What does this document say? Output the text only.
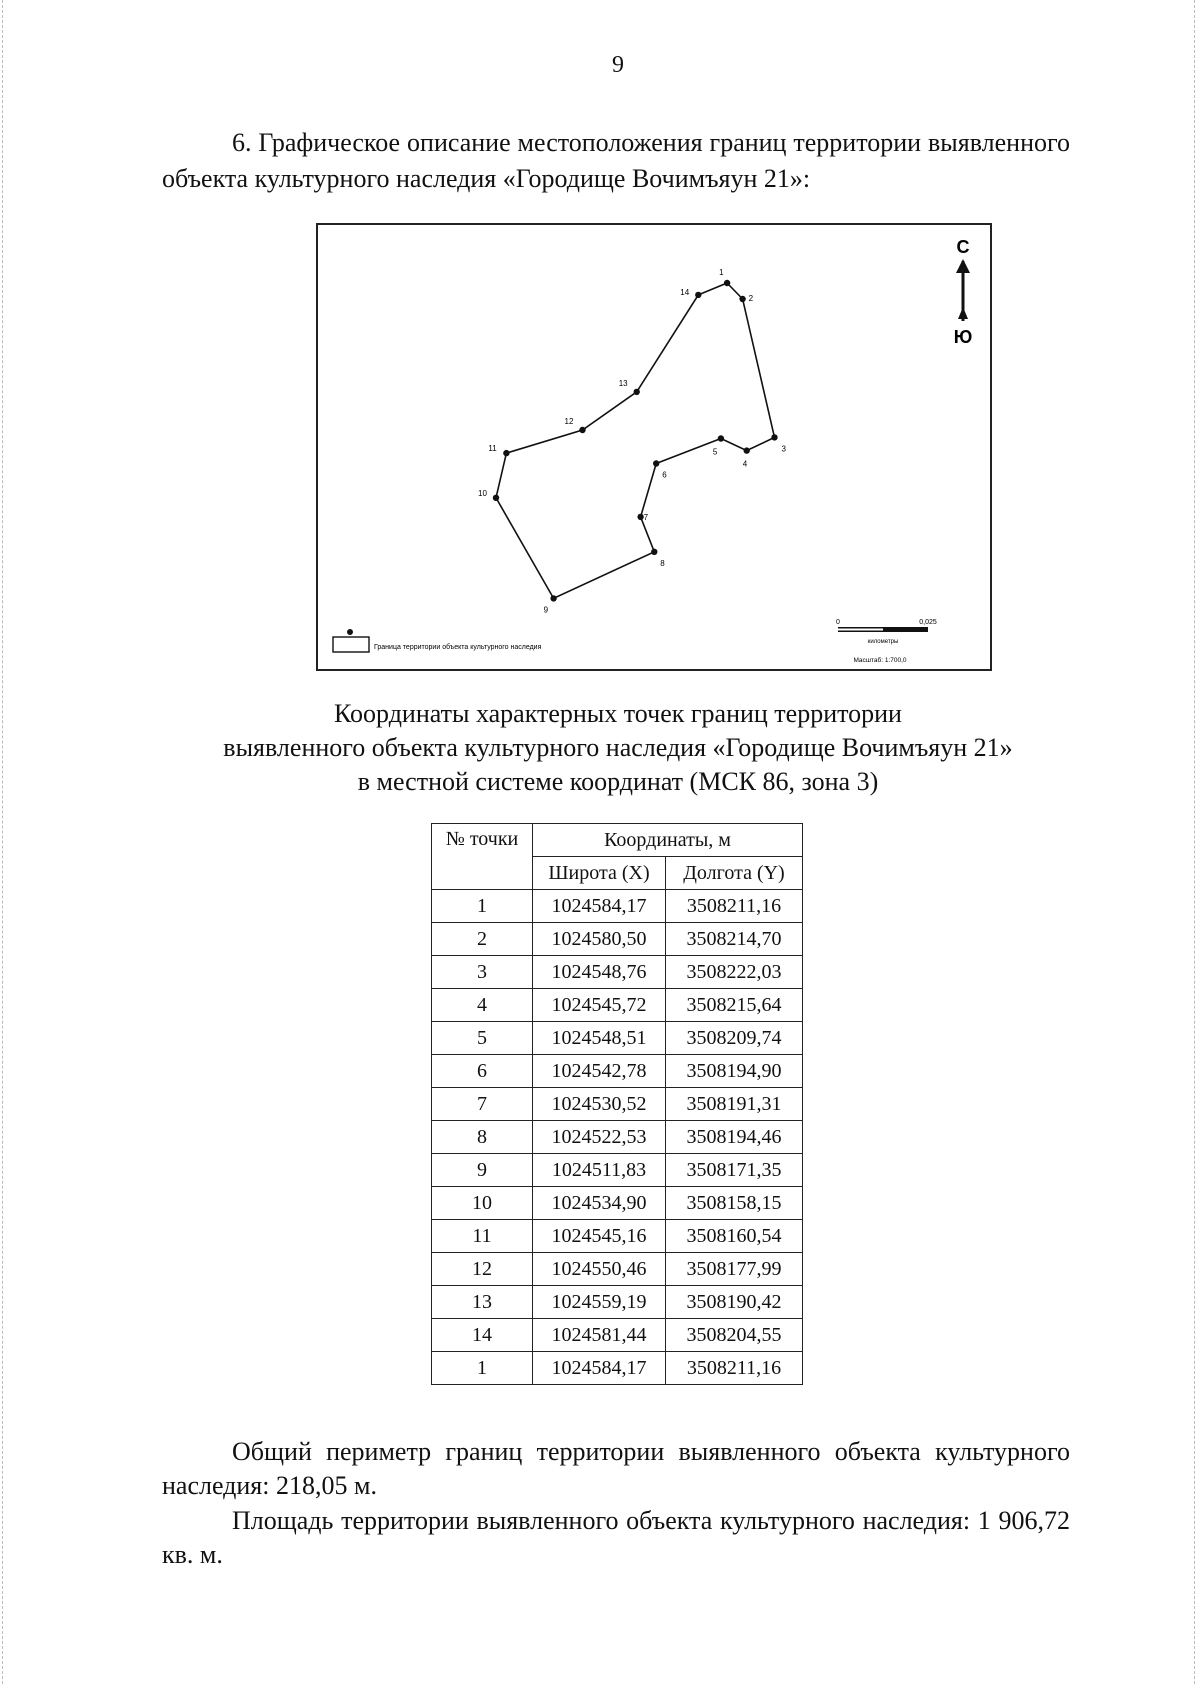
9
6. Графическое описание местоположения границ территории выявленного объекта культурного наследия «Городище Вочимъяун 21»:
1
2
3
4
5
6
7
8
9
10
11
12
13
14
С
Ю
Граница территории объекта культурного наследия
0	0,025
километры
Масштаб: 1:700,0
Координаты характерных точек границ территории
выявленного объекта культурного наследия «Городище Вочимъяун 21»
в местной системе координат (МСК 86, зона 3)
№ точки	Координаты, м	
	Широта (X)	Долгота (Y)
1	1024584,17	3508211,16
2	1024580,50	3508214,70
3	1024548,76	3508222,03
4	1024545,72	3508215,64
5	1024548,51	3508209,74
6	1024542,78	3508194,90
7	1024530,52	3508191,31
8	1024522,53	3508194,46
9	1024511,83	3508171,35
10	1024534,90	3508158,15
11	1024545,16	3508160,54
12	1024550,46	3508177,99
13	1024559,19	3508190,42
14	1024581,44	3508204,55
1	1024584,17	3508211,16
Общий периметр границ территории выявленного объекта культурного наследия: 218,05 м.
Площадь территории выявленного объекта культурного наследия: 1 906,72 кв. м.
